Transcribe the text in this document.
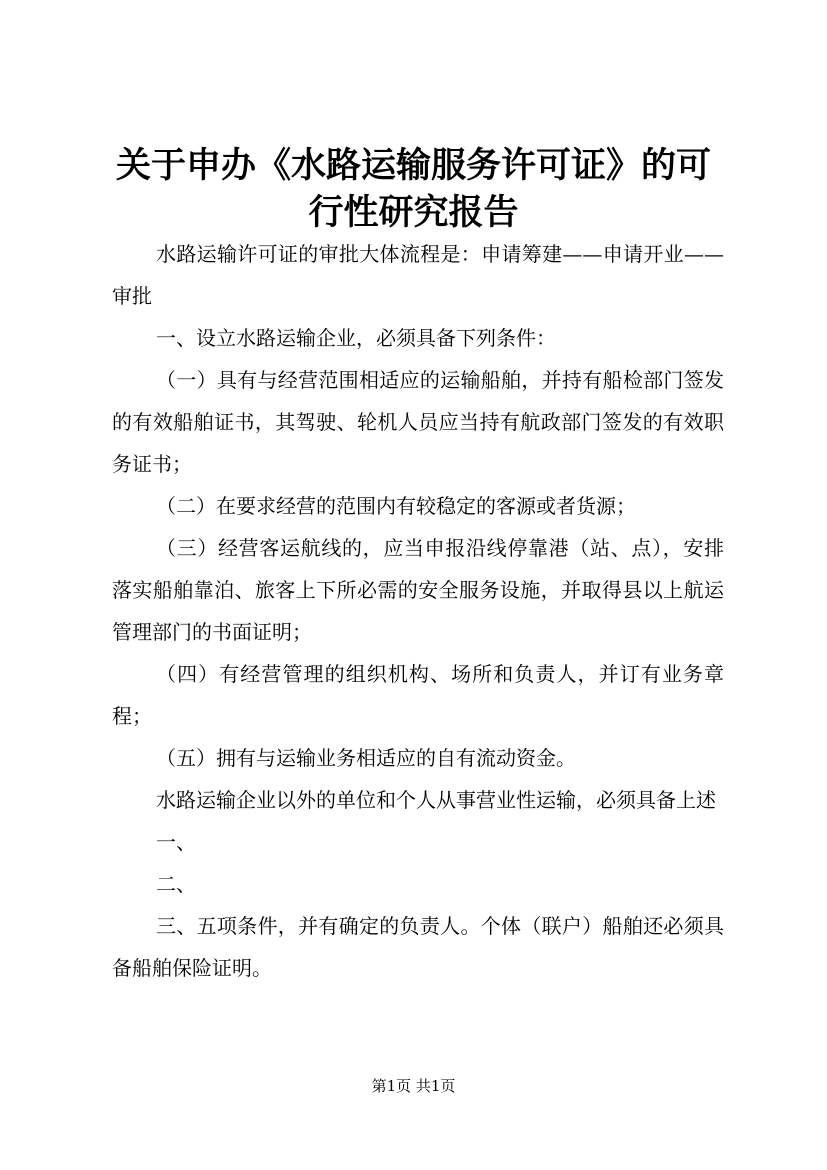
关于申办《水路运输服务许可证》的可行性研究报告

水路运输许可证的审批大体流程是：申请筹建——申请开业——审批

一、设立水路运输企业，必须具备下列条件：

（一）具有与经营范围相适应的运输船舶，并持有船检部门签发的有效船舶证书，其驾驶、轮机人员应当持有航政部门签发的有效职务证书；

（二）在要求经营的范围内有较稳定的客源或者货源；

（三）经营客运航线的，应当申报沿线停靠港（站、点），安排落实船舶靠泊、旅客上下所必需的安全服务设施，并取得县以上航运管理部门的书面证明；

（四）有经营管理的组织机构、场所和负责人，并订有业务章程；

（五）拥有与运输业务相适应的自有流动资金。

水路运输企业以外的单位和个人从事营业性运输，必须具备上述

一、

二、

三、五项条件，并有确定的负责人。个体（联户）船舶还必须具备船舶保险证明。

第1页 共1页
